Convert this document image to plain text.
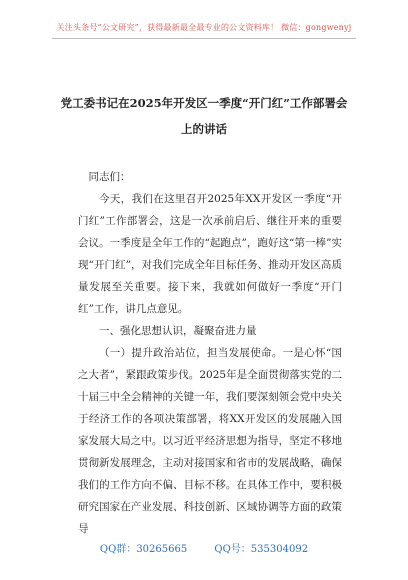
关注头条号“公文研究”，获得最新最全最专业的公文资料库！ 微信：gongwenyj
党工委书记在2025年开发区一季度“开门红”工作部署会
上的讲话

同志们：

今天，我们在这里召开2025年XX开发区一季度“开门红”工作部署会，这是一次承前启后、继往开来的重要会议。一季度是全年工作的“起跑点”，跑好这“第一棒”实现“开门红”，对我们完成全年目标任务、推动开发区高质量发展至关重要。接下来，我就如何做好一季度“开门红”工作，讲几点意见。

一、强化思想认识，凝聚奋进力量

（一）提升政治站位，担当发展使命。一是心怀“国之大者”，紧跟政策步伐。2025年是全面贯彻落实党的二十届三中全会精神的关键一年，我们要深刻领会党中央关于经济工作的各项决策部署，将XX开发区的发展融入国家发展大局之中。以习近平经济思想为指导，坚定不移地贯彻新发展理念，主动对接国家和省市的发展战略，确保我们的工作方向不偏、目标不移。在具体工作中，要积极研究国家在产业发展、科技创新、区域协调等方面的政策导

QQ群：30265665	QQ号：535304092
